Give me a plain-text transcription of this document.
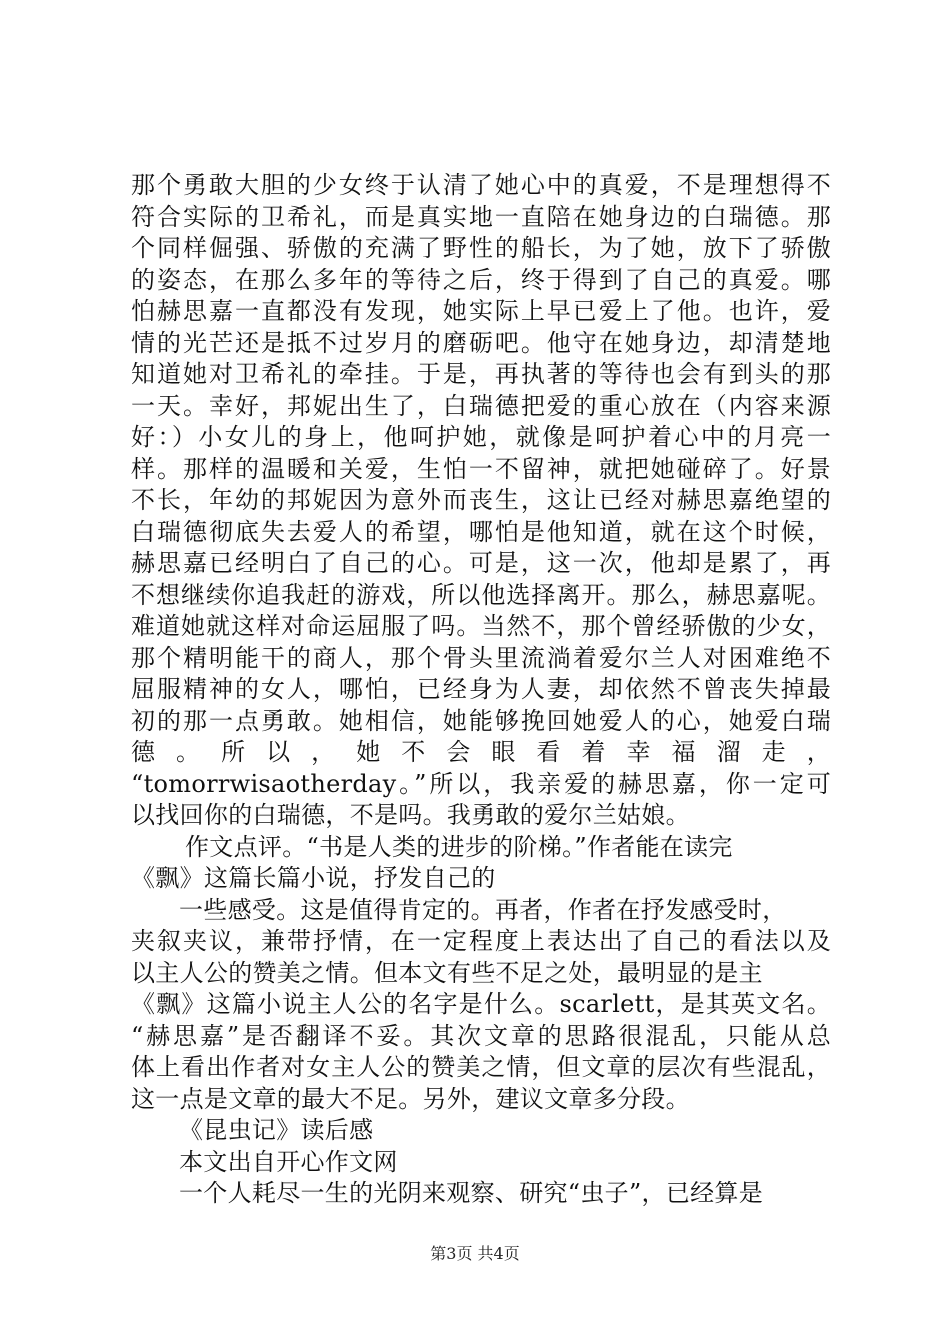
那个勇敢大胆的少女终于认清了她心中的真爱，不是理想得不
符合实际的卫希礼，而是真实地一直陪在她身边的白瑞德。那
个同样倔强、骄傲的充满了野性的船长，为了她，放下了骄傲
的姿态，在那么多年的等待之后，终于得到了自己的真爱。哪
怕赫思嘉一直都没有发现，她实际上早已爱上了他。也许，爱
情的光芒还是抵不过岁月的磨砺吧。他守在她身边，却清楚地
知道她对卫希礼的牵挂。于是，再执著的等待也会有到头的那
一天。幸好，邦妮出生了，白瑞德把爱的重心放在（内容来源
好：）小女儿的身上，他呵护她，就像是呵护着心中的月亮一
样。那样的温暖和关爱，生怕一不留神，就把她碰碎了。好景
不长，年幼的邦妮因为意外而丧生，这让已经对赫思嘉绝望的
白瑞德彻底失去爱人的希望，哪怕是他知道，就在这个时候，
赫思嘉已经明白了自己的心。可是，这一次，他却是累了，再
不想继续你追我赶的游戏，所以他选择离开。那么，赫思嘉呢。
难道她就这样对命运屈服了吗。当然不，那个曾经骄傲的少女，
那个精明能干的商人，那个骨头里流淌着爱尔兰人对困难绝不
屈服精神的女人，哪怕，已经身为人妻，却依然不曾丧失掉最
初的那一点勇敢。她相信，她能够挽回她爱人的心，她爱白瑞
德 。 所 以 ， 她 不 会 眼 看 着 幸 福 溜 走 ，
“tomorrwisaotherday。”所以，我亲爱的赫思嘉，你一定可
以找回你的白瑞德，不是吗。我勇敢的爱尔兰姑娘。
作文点评。“书是人类的进步的阶梯。”作者能在读完
《飘》这篇长篇小说，抒发自己的
一些感受。这是值得肯定的。再者，作者在抒发感受时，
夹叙夹议，兼带抒情，在一定程度上表达出了自己的看法以及
以主人公的赞美之情。但本文有些不足之处，最明显的是主
《飘》这篇小说主人公的名字是什么。scarlett，是其英文名。
“赫思嘉”是否翻译不妥。其次文章的思路很混乱，只能从总
体上看出作者对女主人公的赞美之情，但文章的层次有些混乱，
这一点是文章的最大不足。另外，建议文章多分段。
《昆虫记》读后感
本文出自开心作文网
一个人耗尽一生的光阴来观察、研究“虫子”，已经算是
第3页 共4页
